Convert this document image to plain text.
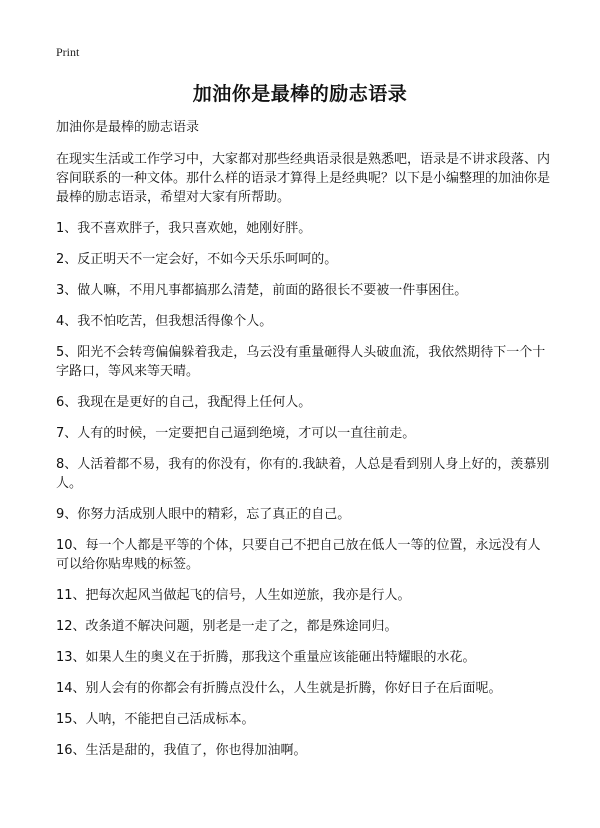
Print
加油你是最棒的励志语录

加油你是最棒的励志语录

在现实生活或工作学习中，大家都对那些经典语录很是熟悉吧，语录是不讲求段落、内容间联系的一种文体。那什么样的语录才算得上是经典呢？以下是小编整理的加油你是最棒的励志语录，希望对大家有所帮助。

1、我不喜欢胖子，我只喜欢她，她刚好胖。

2、反正明天不一定会好，不如今天乐乐呵呵的。

3、做人嘛，不用凡事都搞那么清楚，前面的路很长不要被一件事困住。

4、我不怕吃苦，但我想活得像个人。

5、阳光不会转弯偏偏躲着我走，乌云没有重量砸得人头破血流，我依然期待下一个十字路口，等风来等天晴。

6、我现在是更好的自己，我配得上任何人。

7、人有的时候，一定要把自己逼到绝境，才可以一直往前走。

8、人活着都不易，我有的你没有，你有的.我缺着，人总是看到别人身上好的，羡慕别人。

9、你努力活成别人眼中的精彩，忘了真正的自己。

10、每一个人都是平等的个体，只要自己不把自己放在低人一等的位置，永远没有人可以给你贴卑贱的标签。

11、把每次起风当做起飞的信号，人生如逆旅，我亦是行人。

12、改条道不解决问题，别老是一走了之，都是殊途同归。

13、如果人生的奥义在于折腾，那我这个重量应该能砸出特耀眼的水花。

14、别人会有的你都会有折腾点没什么，人生就是折腾，你好日子在后面呢。

15、人呐，不能把自己活成标本。

16、生活是甜的，我值了，你也得加油啊。
